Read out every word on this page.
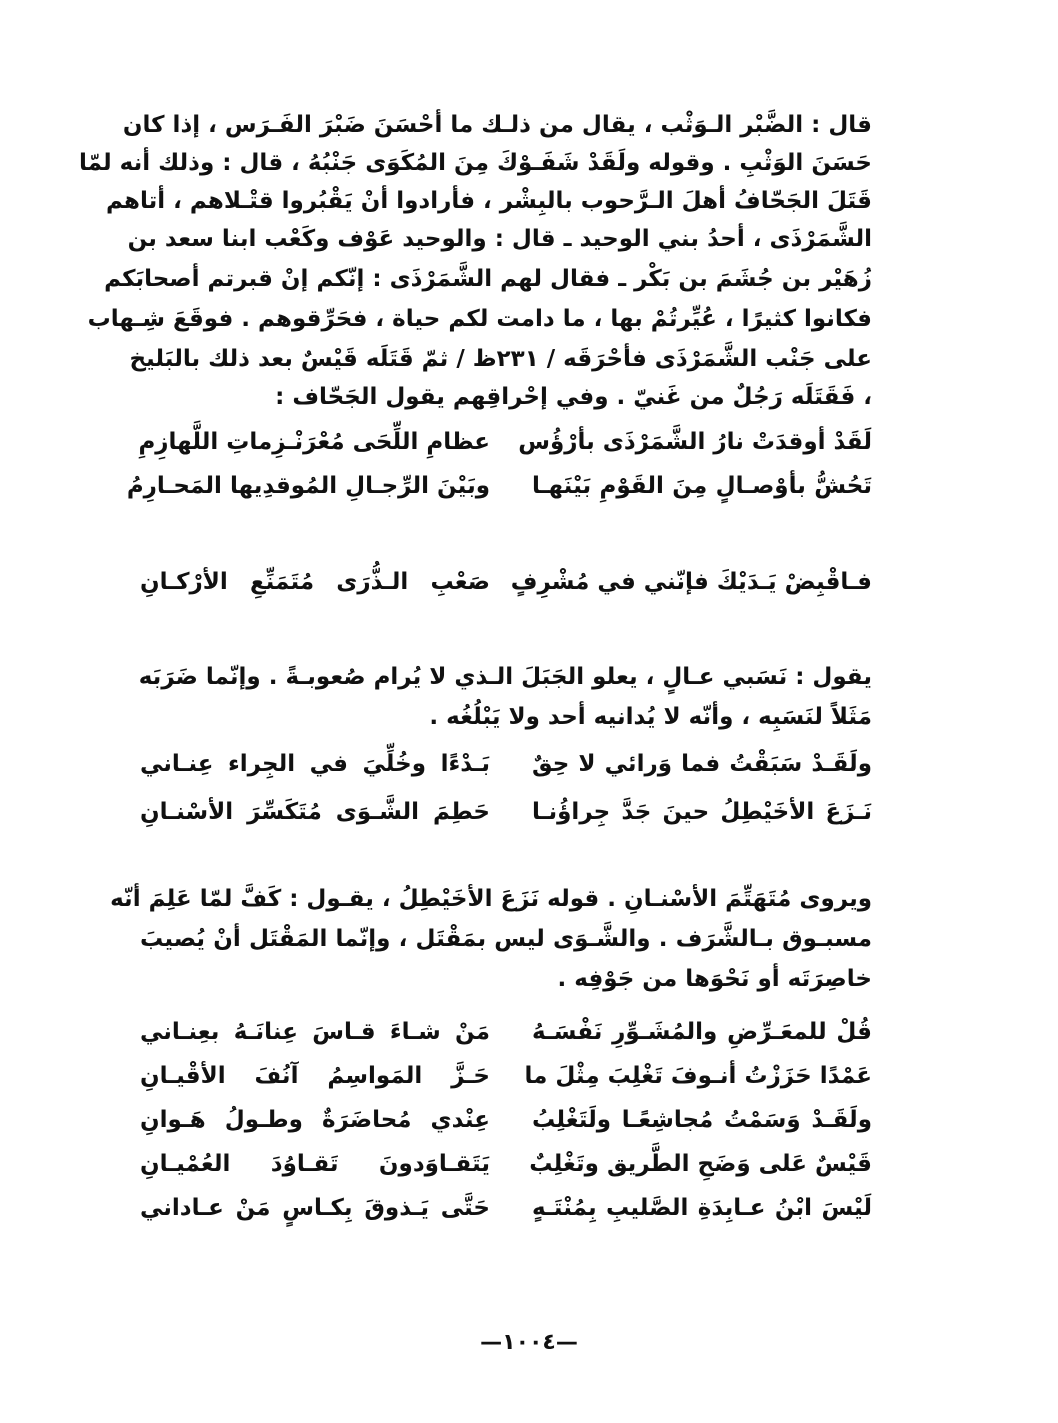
قال : الضَّبْر الـوَثْب ، يقال من ذلـك ما أحْسَنَ ضَبْرَ الفَـرَس ، إذا كان
حَسَنَ الوَثْبِ . وقوله ولَقَدْ شَفَـوْكَ مِنَ المُكَوَى جَنْبُهُ ، قال : وذلك أنه لمّا
قَتَلَ الجَحّافُ أهلَ الـرَّحوب بالبِشْر ، فأرادوا أنْ يَقْبُروا قتْـلاهم ، أتاهم
الشَّمَرْذَى ، أحدُ بني الوحيد ـ قال : والوحيد عَوْف وكَعْب ابنا سعد بن
زُهَيْر بن جُشَمَ بن بَكْر ـ فقال لهم الشَّمَرْذَى : إنّكم إنْ قبرتم أصحابَكم
فكانوا كثيرًا ، عُيِّرتُمْ بها ، ما دامت لكم حياة ، فحَرِّقوهم . فوقَعَ شِـهاب
على جَنْب الشَّمَرْذَى فأحْرَقَه / ٢٣١ظ / ثمّ قَتَلَه قَيْسٌ بعد ذلك بالبَليخ
، فَقَتَلَه رَجُلٌ من غَنيّ . وفي إحْراقِهم يقول الجَحّاف :
لَقَدْ أوقدَتْ نارُ الشَّمَرْذَى بأرْؤُس
عظامِ اللِّحَى مُعْرَنْـزِماتِ اللَّهازِمِ
تَحُشُّ بأوْصـالٍ مِنَ القَوْمِ بَيْنَهـا
وبَيْنَ الرِّجـالِ المُوقدِيها المَحـارِمُ
فـاقْبِضْ يَـدَيْكَ فإنّني في مُشْرِفٍ
صَعْبِ الـذُّرَى مُتَمَنِّعِ الأرْكـانِ
يقول : نَسَبي عـالٍ ، يعلو الجَبَلَ الـذي لا يُرام صُعوبـةً . وإنّما ضَرَبَه
مَثَلاً لنَسَبِه ، وأنّه لا يُدانيه أحد ولا يَبْلُغُه .
ولَقَـدْ سَبَقْتُ فما وَرائي لا حِقٌ
بَـدْءًا وخُلِّيَ في الجِراء عِنـاني
نَـزَعَ الأخَيْطِلُ حينَ جَدَّ جِراؤُنـا
حَطِمَ الشَّـوَى مُتَكَسِّرَ الأسْنـانِ
ويروى مُتَهَتِّمَ الأسْنـانِ . قوله نَزَعَ الأخَيْطِلُ ، يقـول : كَفَّ لمّا عَلِمَ أنّه
مسبـوق بـالشَّرَف . والشَّـوَى ليس بمَقْتَل ، وإنّما المَقْتَل أنْ يُصيبَ
خاصِرَتَه أو نَحْوَها من جَوْفِه .
قُلْ للمعَـرِّضِ والمُشَـوِّرِ نَفْسَـهُ
مَنْ شـاءَ قـاسَ عِنانَـهُ بعِنـاني
عَمْدًا حَزَزْتُ أنـوفَ تَغْلِبَ مِثْلَ ما
حَـزَّ المَواسِمُ آنُفَ الأقْيـانِ
ولَقَـدْ وَسَمْتُ مُجاشِعًـا ولَتَغْلِبُ
عِنْدي مُحاضَرَةٌ وطـولُ هَـوانِ
قَيْسٌ عَلى وَضَحِ الطَّريق وتَغْلِبٌ
يَتَقـاوَدونَ تَقـاوُدَ العُمْيـانِ
لَيْسَ ابْنُ عـابِدَةِ الصَّليبِ بِمُنْتَـهٍ
حَتَّى يَـذوقَ بِكـاسٍ مَنْ عـاداني
—١٠٠٤—
